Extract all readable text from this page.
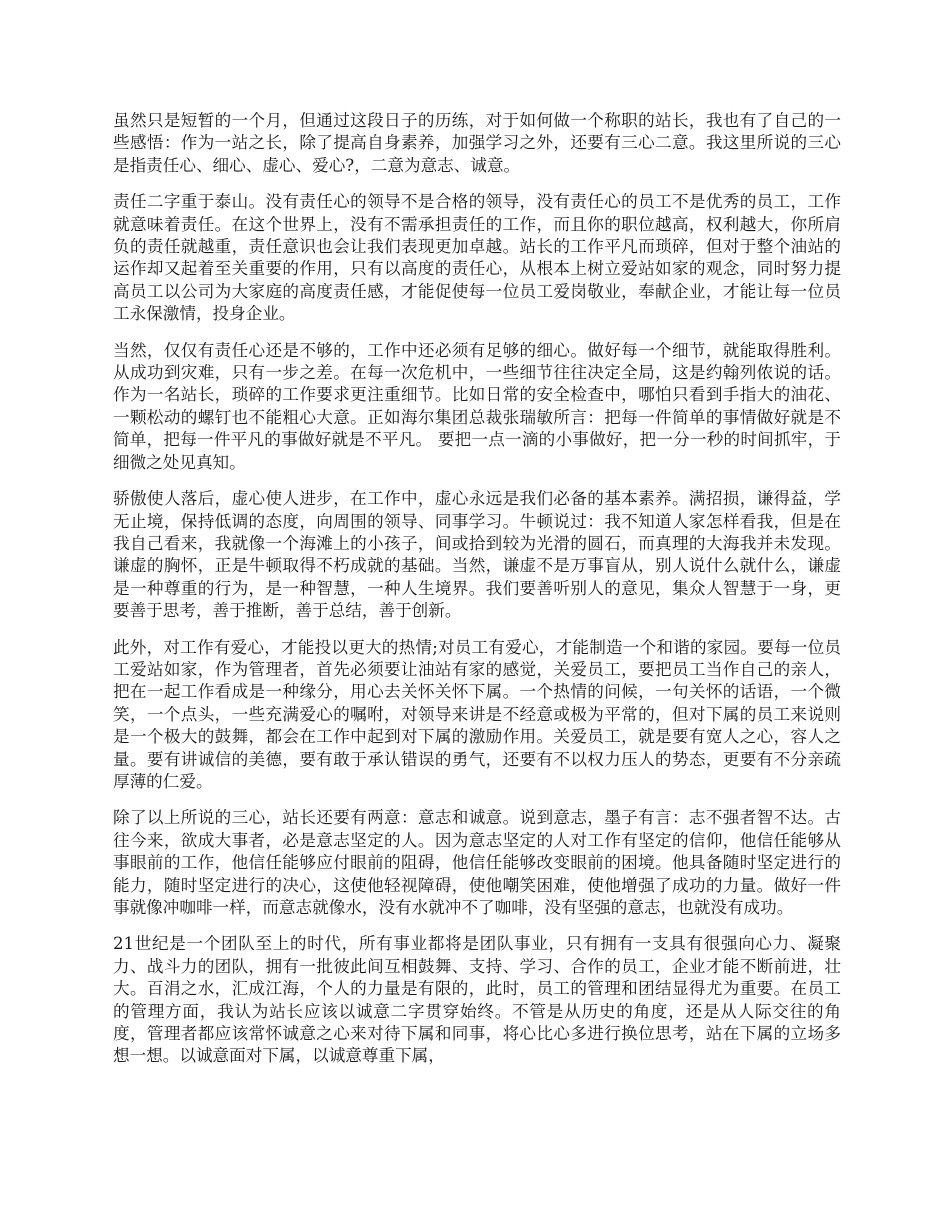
虽然只是短暂的一个月，但通过这段日子的历练，对于如何做一个称职的站长，我也有了自己的一些感悟：作为一站之长，除了提高自身素养，加强学习之外，还要有三心二意。我这里所说的三心是指责任心、细心、虚心、爱心?，二意为意志、诚意。

责任二字重于泰山。没有责任心的领导不是合格的领导，没有责任心的员工不是优秀的员工，工作就意味着责任。在这个世界上，没有不需承担责任的工作，而且你的职位越高，权利越大，你所肩负的责任就越重，责任意识也会让我们表现更加卓越。站长的工作平凡而琐碎，但对于整个油站的运作却又起着至关重要的作用，只有以高度的责任心，从根本上树立爱站如家的观念，同时努力提高员工以公司为大家庭的高度责任感，才能促使每一位员工爱岗敬业，奉献企业，才能让每一位员工永保激情，投身企业。

当然，仅仅有责任心还是不够的，工作中还必须有足够的细心。做好每一个细节，就能取得胜利。从成功到灾难，只有一步之差。在每一次危机中，一些细节往往决定全局，这是约翰列侬说的话。作为一名站长，琐碎的工作要求更注重细节。比如日常的安全检查中，哪怕只看到手指大的油花、一颗松动的螺钉也不能粗心大意。正如海尔集团总裁张瑞敏所言：把每一件简单的事情做好就是不简单，把每一件平凡的事做好就是不平凡。 要把一点一滴的小事做好，把一分一秒的时间抓牢，于细微之处见真知。

骄傲使人落后，虚心使人进步，在工作中，虚心永远是我们必备的基本素养。满招损，谦得益，学无止境，保持低调的态度，向周围的领导、同事学习。牛顿说过：我不知道人家怎样看我，但是在我自己看来，我就像一个海滩上的小孩子，间或拾到较为光滑的圆石，而真理的大海我并未发现。谦虚的胸怀，正是牛顿取得不朽成就的基础。当然，谦虚不是万事盲从，别人说什么就什么，谦虚是一种尊重的行为，是一种智慧，一种人生境界。我们要善听别人的意见，集众人智慧于一身，更要善于思考，善于推断，善于总结，善于创新。

此外，对工作有爱心，才能投以更大的热情;对员工有爱心，才能制造一个和谐的家园。要每一位员工爱站如家，作为管理者，首先必须要让油站有家的感觉，关爱员工，要把员工当作自己的亲人，把在一起工作看成是一种缘分，用心去关怀关怀下属。一个热情的问候，一句关怀的话语，一个微笑，一个点头，一些充满爱心的嘱咐，对领导来讲是不经意或极为平常的，但对下属的员工来说则是一个极大的鼓舞，都会在工作中起到对下属的激励作用。关爱员工，就是要有宽人之心，容人之量。要有讲诚信的美德，要有敢于承认错误的勇气，还要有不以权力压人的势态，更要有不分亲疏厚薄的仁爱。

除了以上所说的三心，站长还要有两意：意志和诚意。说到意志，墨子有言：志不强者智不达。古往今来，欲成大事者，必是意志坚定的人。因为意志坚定的人对工作有坚定的信仰，他信任能够从事眼前的工作，他信任能够应付眼前的阻碍，他信任能够改变眼前的困境。他具备随时坚定进行的能力，随时坚定进行的决心，这使他轻视障碍，使他嘲笑困难，使他增强了成功的力量。做好一件事就像冲咖啡一样，而意志就像水，没有水就冲不了咖啡，没有坚强的意志，也就没有成功。

21世纪是一个团队至上的时代，所有事业都将是团队事业，只有拥有一支具有很强向心力、凝聚力、战斗力的团队，拥有一批彼此间互相鼓舞、支持、学习、合作的员工，企业才能不断前进，壮大。百涓之水，汇成江海，个人的力量是有限的，此时，员工的管理和团结显得尤为重要。在员工的管理方面，我认为站长应该以诚意二字贯穿始终。不管是从历史的角度，还是从人际交往的角度，管理者都应该常怀诚意之心来对待下属和同事，将心比心多进行换位思考，站在下属的立场多想一想。以诚意面对下属，以诚意尊重下属，
